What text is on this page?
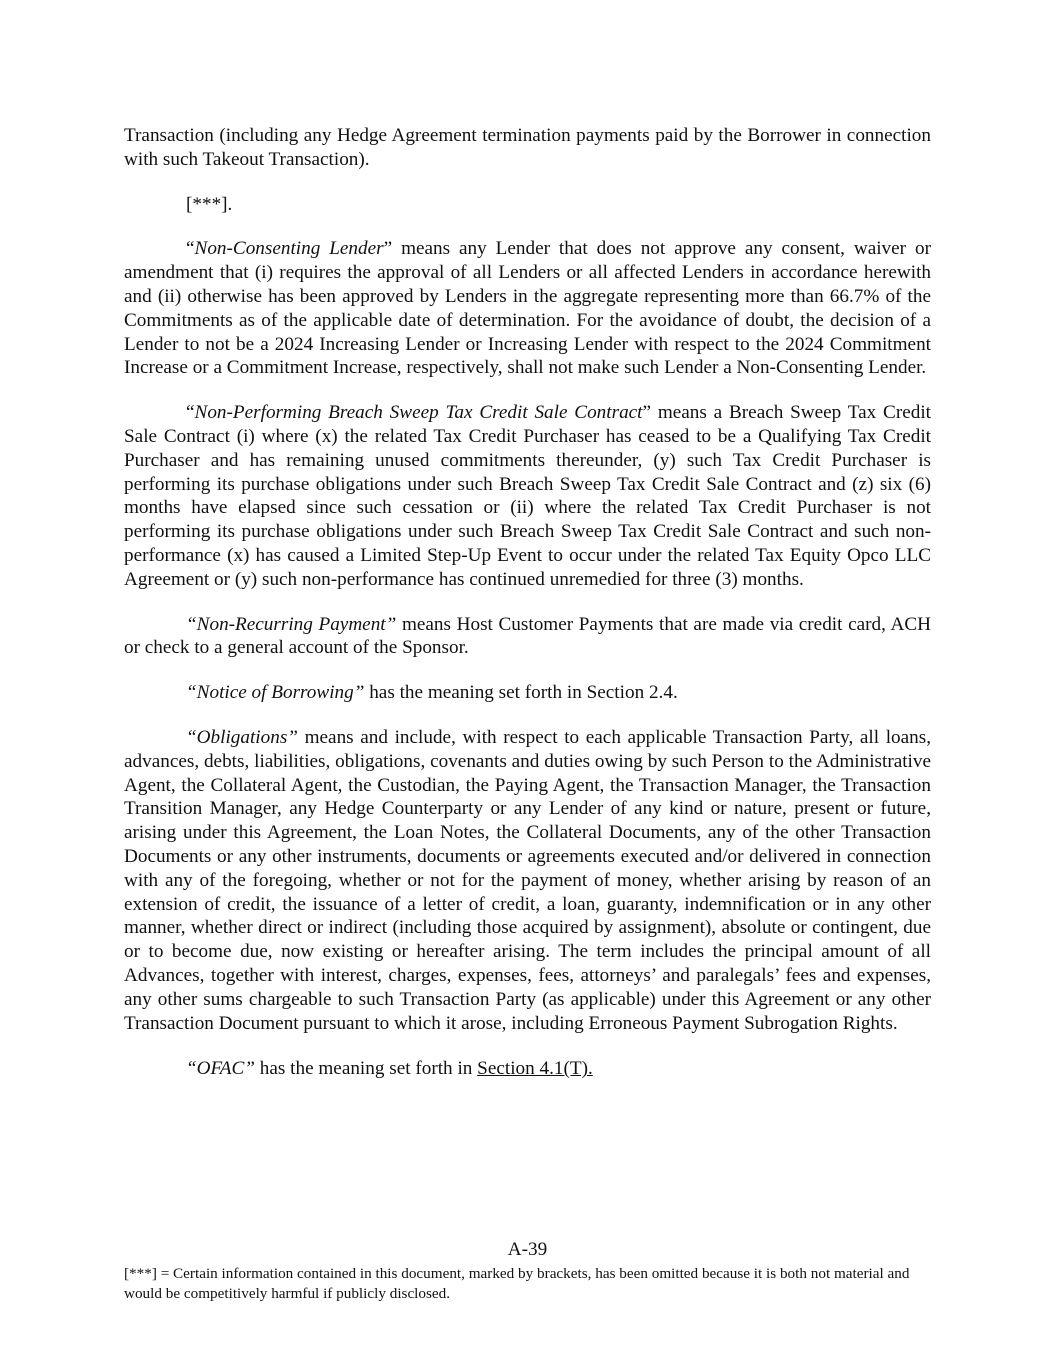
Transaction (including any Hedge Agreement termination payments paid by the Borrower in connection with such Takeout Transaction).

[***].

“Non-Consenting Lender” means any Lender that does not approve any consent, waiver or amendment that (i) requires the approval of all Lenders or all affected Lenders in accordance herewith and (ii) otherwise has been approved by Lenders in the aggregate representing more than 66.7% of the Commitments as of the applicable date of determination. For the avoidance of doubt, the decision of a Lender to not be a 2024 Increasing Lender or Increasing Lender with respect to the 2024 Commitment Increase or a Commitment Increase, respectively, shall not make such Lender a Non-Consenting Lender.

“Non-Performing Breach Sweep Tax Credit Sale Contract” means a Breach Sweep Tax Credit Sale Contract (i) where (x) the related Tax Credit Purchaser has ceased to be a Qualifying Tax Credit Purchaser and has remaining unused commitments thereunder, (y) such Tax Credit Purchaser is performing its purchase obligations under such Breach Sweep Tax Credit Sale Contract and (z) six (6) months have elapsed since such cessation or (ii) where the related Tax Credit Purchaser is not performing its purchase obligations under such Breach Sweep Tax Credit Sale Contract and such non-performance (x) has caused a Limited Step-Up Event to occur under the related Tax Equity Opco LLC Agreement or (y) such non-performance has continued unremedied for three (3) months.

“Non-Recurring Payment” means Host Customer Payments that are made via credit card, ACH or check to a general account of the Sponsor.

“Notice of Borrowing” has the meaning set forth in Section 2.4.

“Obligations” means and include, with respect to each applicable Transaction Party, all loans, advances, debts, liabilities, obligations, covenants and duties owing by such Person to the Administrative Agent, the Collateral Agent, the Custodian, the Paying Agent, the Transaction Manager, the Transaction Transition Manager, any Hedge Counterparty or any Lender of any kind or nature, present or future, arising under this Agreement, the Loan Notes, the Collateral Documents, any of the other Transaction Documents or any other instruments, documents or agreements executed and/or delivered in connection with any of the foregoing, whether or not for the payment of money, whether arising by reason of an extension of credit, the issuance of a letter of credit, a loan, guaranty, indemnification or in any other manner, whether direct or indirect (including those acquired by assignment), absolute or contingent, due or to become due, now existing or hereafter arising. The term includes the principal amount of all Advances, together with interest, charges, expenses, fees, attorneys’ and paralegals’ fees and expenses, any other sums chargeable to such Transaction Party (as applicable) under this Agreement or any other Transaction Document pursuant to which it arose, including Erroneous Payment Subrogation Rights.

“OFAC” has the meaning set forth in Section 4.1(T).

A-39
[***] = Certain information contained in this document, marked by brackets, has been omitted because it is both not material and would be competitively harmful if publicly disclosed.
